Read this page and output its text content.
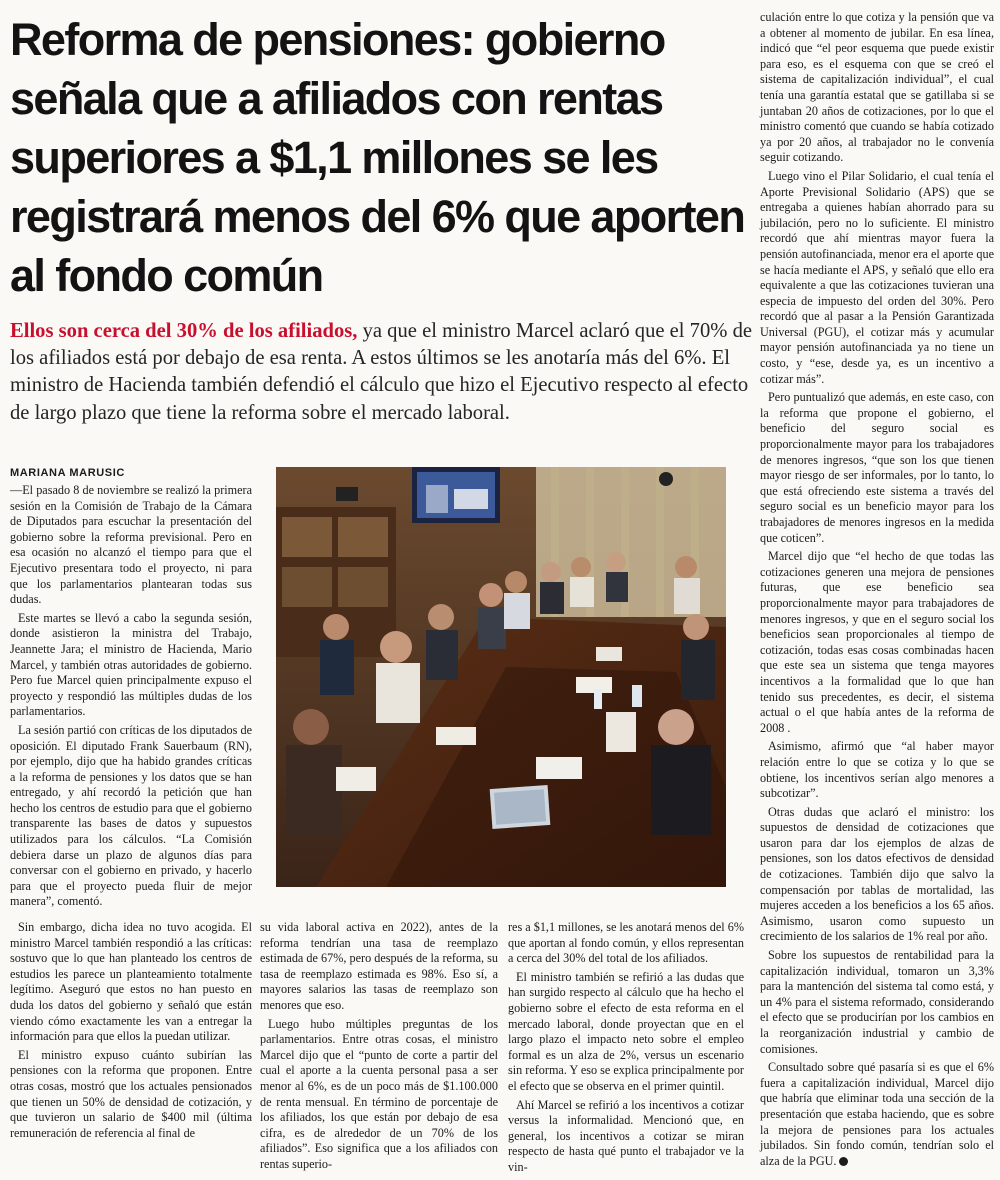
Reforma de pensiones: gobierno señala que a afiliados con rentas superiores a $1,1 millones se les registrará menos del 6% que aporten al fondo común

Ellos son cerca del 30% de los afiliados, ya que el ministro Marcel aclaró que el 70% de los afiliados está por debajo de esa renta. A estos últimos se les anotaría más del 6%. El ministro de Hacienda también defendió el cálculo que hizo el Ejecutivo respecto al efecto de largo plazo que tiene la reforma sobre el mercado laboral.

MARIANA MARUSIC

—El pasado 8 de noviembre se realizó la primera sesión en la Comisión de Trabajo de la Cámara de Diputados para escuchar la presentación del gobierno sobre la reforma previsional. Pero en esa ocasión no alcanzó el tiempo para que el Ejecutivo presentara todo el proyecto, ni para que los parlamentarios plantearan todas sus dudas.

Este martes se llevó a cabo la segunda sesión, donde asistieron la ministra del Trabajo, Jeannette Jara; el ministro de Hacienda, Mario Marcel, y también otras autoridades de gobierno. Pero fue Marcel quien principalmente expuso el proyecto y respondió las múltiples dudas de los parlamentarios.

La sesión partió con críticas de los diputados de oposición. El diputado Frank Sauerbaum (RN), por ejemplo, dijo que ha habido grandes críticas a la reforma de pensiones y los datos que se han entregado, y ahí recordó la petición que han hecho los centros de estudio para que el gobierno transparente las bases de datos y supuestos utilizados para los cálculos. “La Comisión debiera darse un plazo de algunos días para conversar con el gobierno en privado, y hacerlo para que el proyecto pueda fluir de mejor manera”, comentó.

Sin embargo, dicha idea no tuvo acogida. El ministro Marcel también respondió a las críticas: sostuvo que lo que han planteado los centros de estudios les parece un planteamiento totalmente legítimo. Aseguró que estos no han puesto en duda los datos del gobierno y señaló que están viendo cómo exactamente les van a entregar la información para que ellos la puedan utilizar.

El ministro expuso cuánto subirían las pensiones con la reforma que proponen. Entre otras cosas, mostró que los actuales pensionados que tienen un 50% de densidad de cotización, y que tuvieron un salario de $400 mil (última remuneración de referencia al final de

su vida laboral activa en 2022), antes de la reforma tendrían una tasa de reemplazo estimada de 67%, pero después de la reforma, su tasa de reemplazo estimada es 98%. Eso sí, a mayores salarios las tasas de reemplazo son menores que eso.

Luego hubo múltiples preguntas de los parlamentarios. Entre otras cosas, el ministro Marcel dijo que el “punto de corte a partir del cual el aporte a la cuenta personal pasa a ser menor al 6%, es de un poco más de $1.100.000 de renta mensual. En término de porcentaje de los afiliados, los que están por debajo de esa cifra, es de alrededor de un 70% de los afiliados”. Eso significa que a los afiliados con rentas superio-

res a $1,1 millones, se les anotará menos del 6% que aportan al fondo común, y ellos representan a cerca del 30% del total de los afiliados.

El ministro también se refirió a las dudas que han surgido respecto al cálculo que ha hecho el gobierno sobre el efecto de esta reforma en el mercado laboral, donde proyectan que en el largo plazo el impacto neto sobre el empleo formal es un alza de 2%, versus un escenario sin reforma. Y eso se explica principalmente por el efecto que se observa en el primer quintil.

Ahí Marcel se refirió a los incentivos a cotizar versus la informalidad. Mencionó que, en general, los incentivos a cotizar se miran respecto de hasta qué punto el trabajador ve la vin-

culación entre lo que cotiza y la pensión que va a obtener al momento de jubilar. En esa línea, indicó que “el peor esquema que puede existir para eso, es el esquema con que se creó el sistema de capitalización individual”, el cual tenía una garantía estatal que se gatillaba si se juntaban 20 años de cotizaciones, por lo que el ministro comentó que cuando se había cotizado ya por 20 años, al trabajador no le convenía seguir cotizando.

Luego vino el Pilar Solidario, el cual tenía el Aporte Previsional Solidario (APS) que se entregaba a quienes habían ahorrado para su jubilación, pero no lo suficiente. El ministro recordó que ahí mientras mayor fuera la pensión autofinanciada, menor era el aporte que se hacía mediante el APS, y señaló que ello era equivalente a que las cotizaciones tuvieran una especia de impuesto del orden del 30%. Pero recordó que al pasar a la Pensión Garantizada Universal (PGU), el cotizar más y acumular mayor pensión autofinanciada ya no tiene un costo, y “ese, desde ya, es un incentivo a cotizar más”.

Pero puntualizó que además, en este caso, con la reforma que propone el gobierno, el beneficio del seguro social es proporcionalmente mayor para los trabajadores de menores ingresos, “que son los que tienen mayor riesgo de ser informales, por lo tanto, lo que está ofreciendo este sistema a través del seguro social es un beneficio mayor para los trabajadores de menores ingresos en la medida que coticen”.

Marcel dijo que “el hecho de que todas las cotizaciones generen una mejora de pensiones futuras, que ese beneficio sea proporcionalmente mayor para trabajadores de menores ingresos, y que en el seguro social los beneficios sean proporcionales al tiempo de cotización, todas esas cosas combinadas hacen que este sea un sistema que tenga mayores incentivos a la formalidad que lo que han tenido sus precedentes, es decir, el sistema actual o el que había antes de la reforma de 2008 .

Asimismo, afirmó que “al haber mayor relación entre lo que se cotiza y lo que se obtiene, los incentivos serían algo menores a subcotizar”.

Otras dudas que aclaró el ministro: los supuestos de densidad de cotizaciones que usaron para dar los ejemplos de alzas de pensiones, son los datos efectivos de densidad de cotizaciones. También dijo que salvo la compensación por tablas de mortalidad, las mujeres acceden a los beneficios a los 65 años. Asimismo, usaron como supuesto un crecimiento de los salarios de 1% real por año.

Sobre los supuestos de rentabilidad para la capitalización individual, tomaron un 3,3% para la mantención del sistema tal como está, y un 4% para el sistema reformado, considerando el efecto que se producirían por los cambios en la reorganización industrial y cambio de comisiones.

Consultado sobre qué pasaría si es que el 6% fuera a capitalización individual, Marcel dijo que habría que eliminar toda una sección de la presentación que estaba haciendo, que es sobre la mejora de pensiones para los actuales jubilados. Sin fondo común, tendrían solo el alza de la PGU.
